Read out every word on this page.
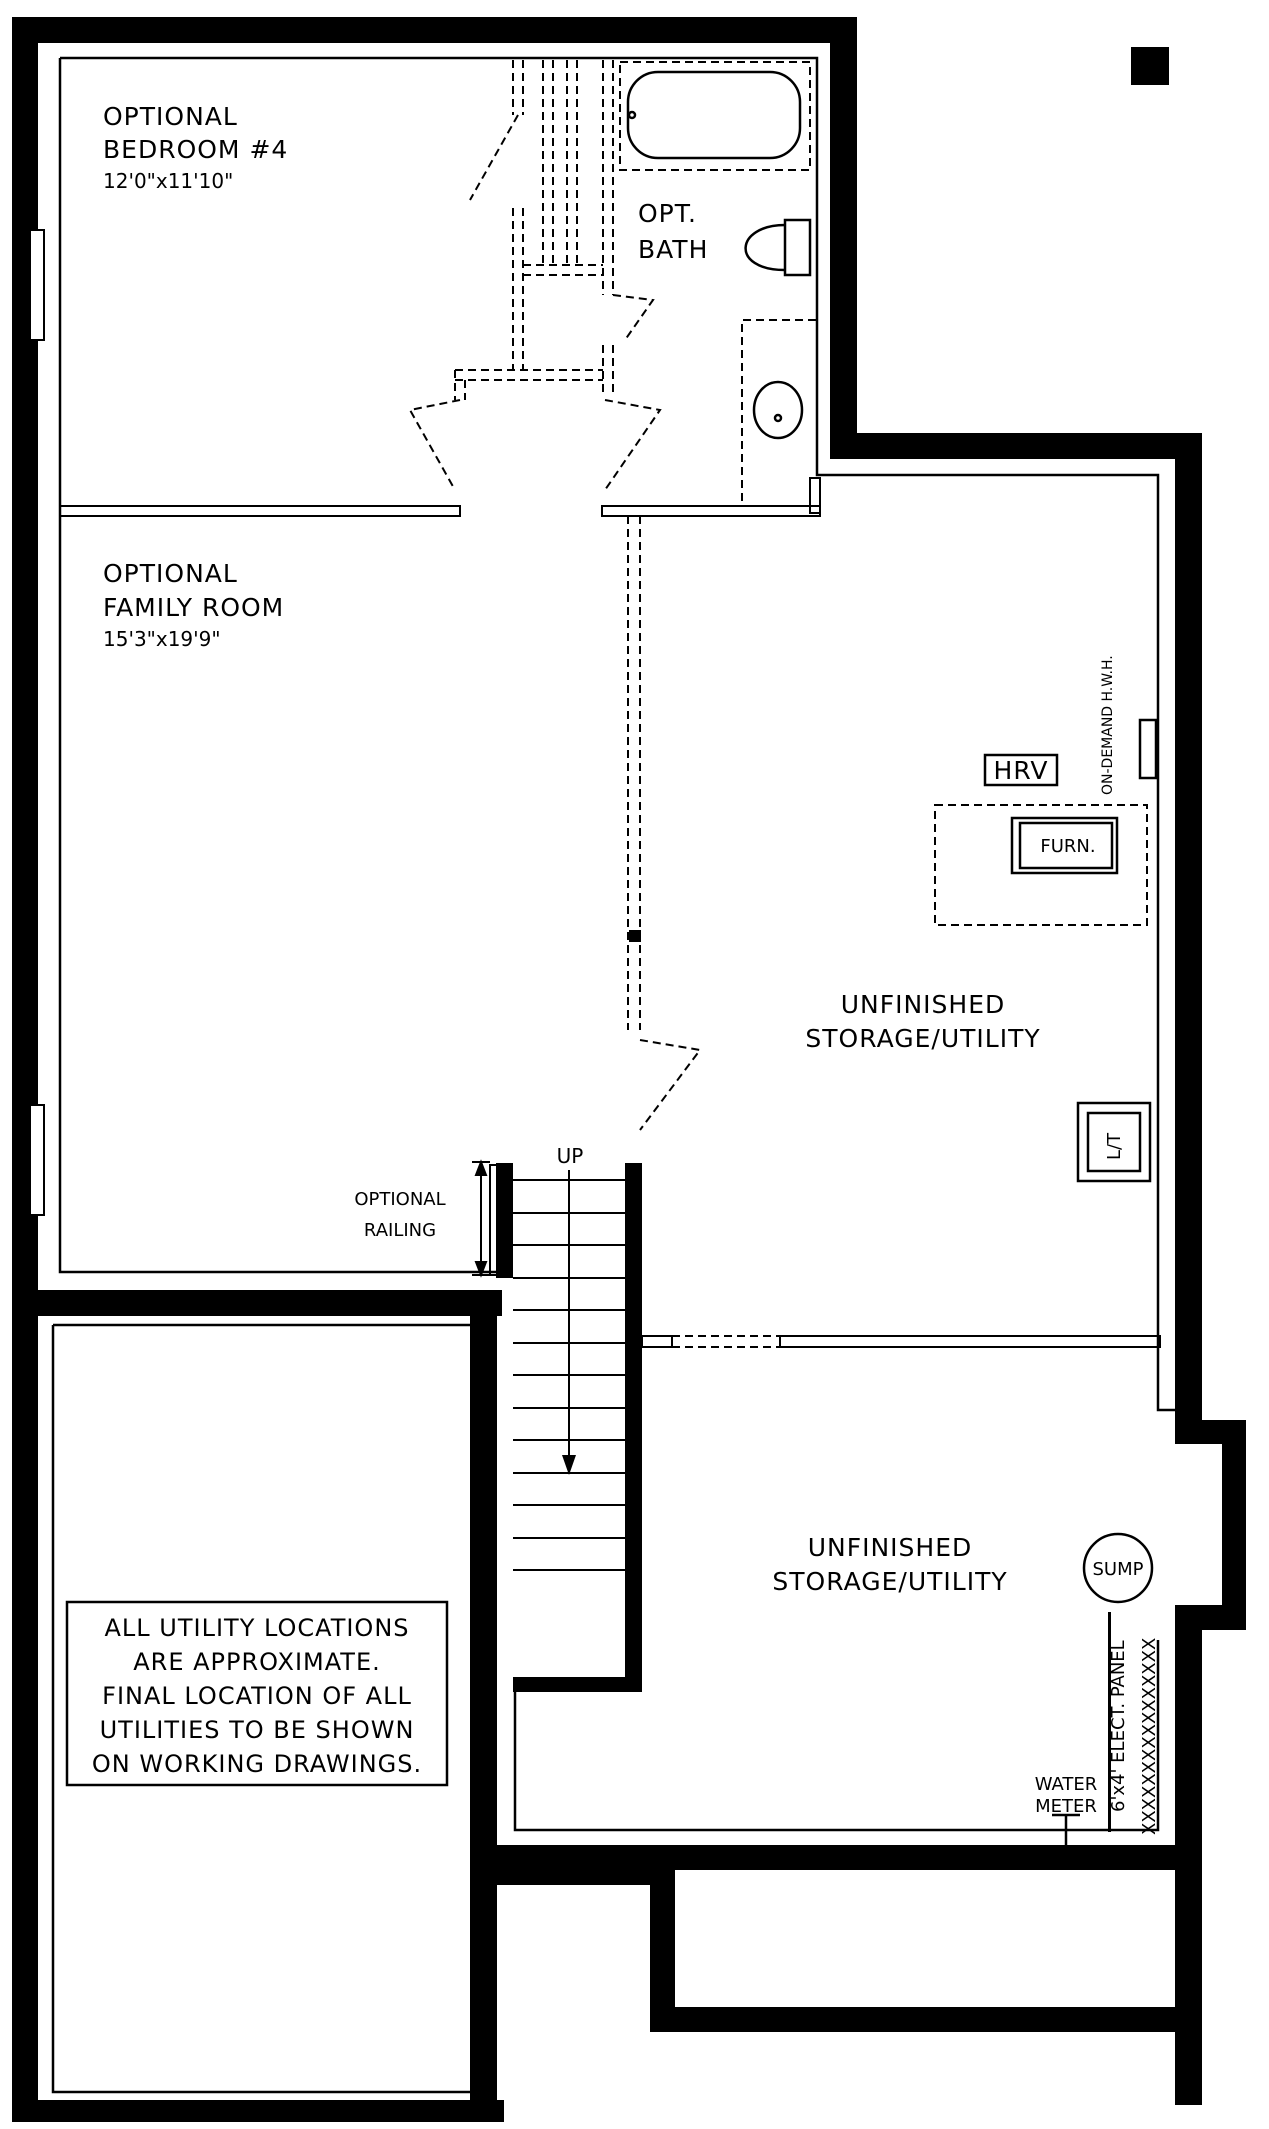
OPTIONAL
BEDROOM #4
12'0"x11'10"
OPT.
BATH
OPTIONAL
FAMILY ROOM
15'3"x19'9"
UNFINISHED
STORAGE/UTILITY
UNFINISHED
STORAGE/UTILITY
HRV	ON-DEMAND H.W.H.
FURN.
L/T
SUMP
6'x4' ELECT. PANEL XXXXXXXXXXXXXXXX
WATER
METER
UP
OPTIONAL
RAILING
ALL UTILITY LOCATIONS
ARE APPROXIMATE.
FINAL LOCATION OF ALL
UTILITIES TO BE SHOWN
ON WORKING DRAWINGS.
